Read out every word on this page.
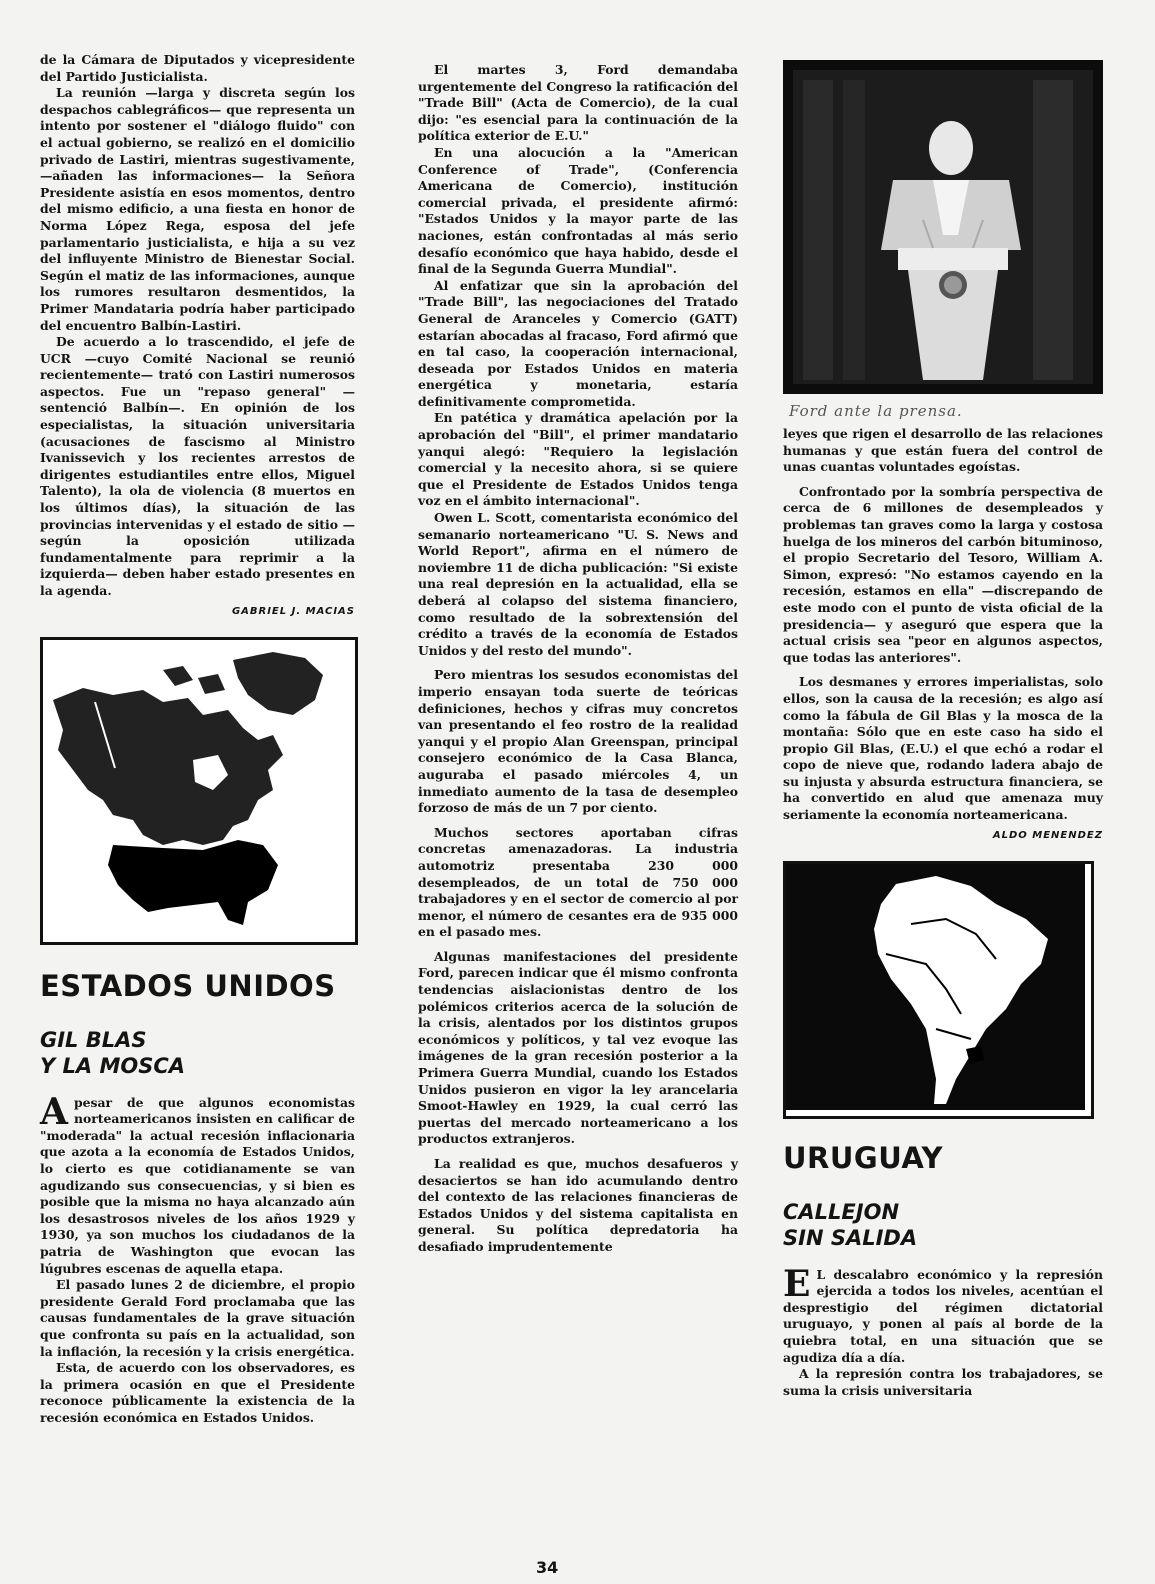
de la Cámara de Diputados y vicepresidente del Partido Justicialista.

La reunión —larga y discreta según los despachos cablegráficos— que representa un intento por sostener el "diálogo fluido" con el actual gobierno, se realizó en el domicilio privado de Lastiri, mientras sugestivamente, —añaden las informaciones— la Señora Presidente asistía en esos momentos, dentro del mismo edificio, a una fiesta en honor de Norma López Rega, esposa del jefe parlamentario justicialista, e hija a su vez del influyente Ministro de Bienestar Social. Según el matiz de las informaciones, aunque los rumores resultaron desmentidos, la Primer Mandataria podría haber participado del encuentro Balbín-Lastiri.

De acuerdo a lo trascendido, el jefe de UCR —cuyo Comité Nacional se reunió recientemente— trató con Lastiri numerosos aspectos. Fue un "repaso general" —sentenció Balbín—. En opinión de los especialistas, la situación universitaria (acusaciones de fascismo al Ministro Ivanissevich y los recientes arrestos de dirigentes estudiantiles entre ellos, Miguel Talento), la ola de violencia (8 muertos en los últimos días), la situación de las provincias intervenidas y el estado de sitio —según la oposición utilizada fundamentalmente para reprimir a la izquierda— deben haber estado presentes en la agenda.

GABRIEL J. MACIAS
ESTADOS UNIDOS
GIL BLAS
Y LA MOSCA

Apesar de que algunos economistas norteamericanos insisten en calificar de "moderada" la actual recesión inflacionaria que azota a la economía de Estados Unidos, lo cierto es que cotidianamente se van agudizando sus consecuencias, y si bien es posible que la misma no haya alcanzado aún los desastrosos niveles de los años 1929 y 1930, ya son muchos los ciudadanos de la patria de Washington que evocan las lúgubres escenas de aquella etapa.

El pasado lunes 2 de diciembre, el propio presidente Gerald Ford proclamaba que las causas fundamentales de la grave situación que confronta su país en la actualidad, son la inflación, la recesión y la crisis energética.

Esta, de acuerdo con los observadores, es la primera ocasión en que el Presidente reconoce públicamente la existencia de la recesión económica en Estados Unidos.

El martes 3, Ford demandaba urgentemente del Congreso la ratificación del "Trade Bill" (Acta de Comercio), de la cual dijo: "es esencial para la continuación de la política exterior de E.U."

En una alocución a la "American Conference of Trade", (Conferencia Americana de Comercio), institución comercial privada, el presidente afirmó: "Estados Unidos y la mayor parte de las naciones, están confrontadas al más serio desafío económico que haya habido, desde el final de la Segunda Guerra Mundial".

Al enfatizar que sin la aprobación del "Trade Bill", las negociaciones del Tratado General de Aranceles y Comercio (GATT) estarían abocadas al fracaso, Ford afirmó que en tal caso, la cooperación internacional, deseada por Estados Unidos en materia energética y monetaria, estaría definitivamente comprometida.

En patética y dramática apelación por la aprobación del "Bill", el primer mandatario yanqui alegó: "Requiero la legislación comercial y la necesito ahora, si se quiere que el Presidente de Estados Unidos tenga voz en el ámbito internacional".

Owen L. Scott, comentarista económico del semanario norteamericano "U. S. News and World Report", afirma en el número de noviembre 11 de dicha publicación: "Si existe una real depresión en la actualidad, ella se deberá al colapso del sistema financiero, como resultado de la sobrextensión del crédito a través de la economía de Estados Unidos y del resto del mundo".

Pero mientras los sesudos economistas del imperio ensayan toda suerte de teóricas definiciones, hechos y cifras muy concretos van presentando el feo rostro de la realidad yanqui y el propio Alan Greenspan, principal consejero económico de la Casa Blanca, auguraba el pasado miércoles 4, un inmediato aumento de la tasa de desempleo forzoso de más de un 7 por ciento.

Muchos sectores aportaban cifras concretas amenazadoras. La industria automotriz presentaba 230 000 desempleados, de un total de 750 000 trabajadores y en el sector de comercio al por menor, el número de cesantes era de 935 000 en el pasado mes.

Algunas manifestaciones del presidente Ford, parecen indicar que él mismo confronta tendencias aislacionistas dentro de los polémicos criterios acerca de la solución de la crisis, alentados por los distintos grupos económicos y políticos, y tal vez evoque las imágenes de la gran recesión posterior a la Primera Guerra Mundial, cuando los Estados Unidos pusieron en vigor la ley arancelaria Smoot-Hawley en 1929, la cual cerró las puertas del mercado norteamericano a los productos extranjeros.

La realidad es que, muchos desafueros y desaciertos se han ido acumulando dentro del contexto de las relaciones financieras de Estados Unidos y del sistema capitalista en general. Su política depredatoria ha desafiado imprudentemente

Ford ante la prensa.

leyes que rigen el desarrollo de las relaciones humanas y que están fuera del control de unas cuantas voluntades egoístas.

Confrontado por la sombría perspectiva de cerca de 6 millones de desempleados y problemas tan graves como la larga y costosa huelga de los mineros del carbón bituminoso, el propio Secretario del Tesoro, William A. Simon, expresó: "No estamos cayendo en la recesión, estamos en ella" —discrepando de este modo con el punto de vista oficial de la presidencia— y aseguró que espera que la actual crisis sea "peor en algunos aspectos, que todas las anteriores".

Los desmanes y errores imperialistas, solo ellos, son la causa de la recesión; es algo así como la fábula de Gil Blas y la mosca de la montaña: Sólo que en este caso ha sido el propio Gil Blas, (E.U.) el que echó a rodar el copo de nieve que, rodando ladera abajo de su injusta y absurda estructura financiera, se ha convertido en alud que amenaza muy seriamente la economía norteamericana.

ALDO MENENDEZ
URUGUAY
CALLEJON
SIN SALIDA

E L descalabro económico y la represión ejercida a todos los niveles, acentúan el desprestigio del régimen dictatorial uruguayo, y ponen al país al borde de la quiebra total, en una situación que se agudiza día a día.

A la represión contra los trabajadores, se suma la crisis universitaria

34
